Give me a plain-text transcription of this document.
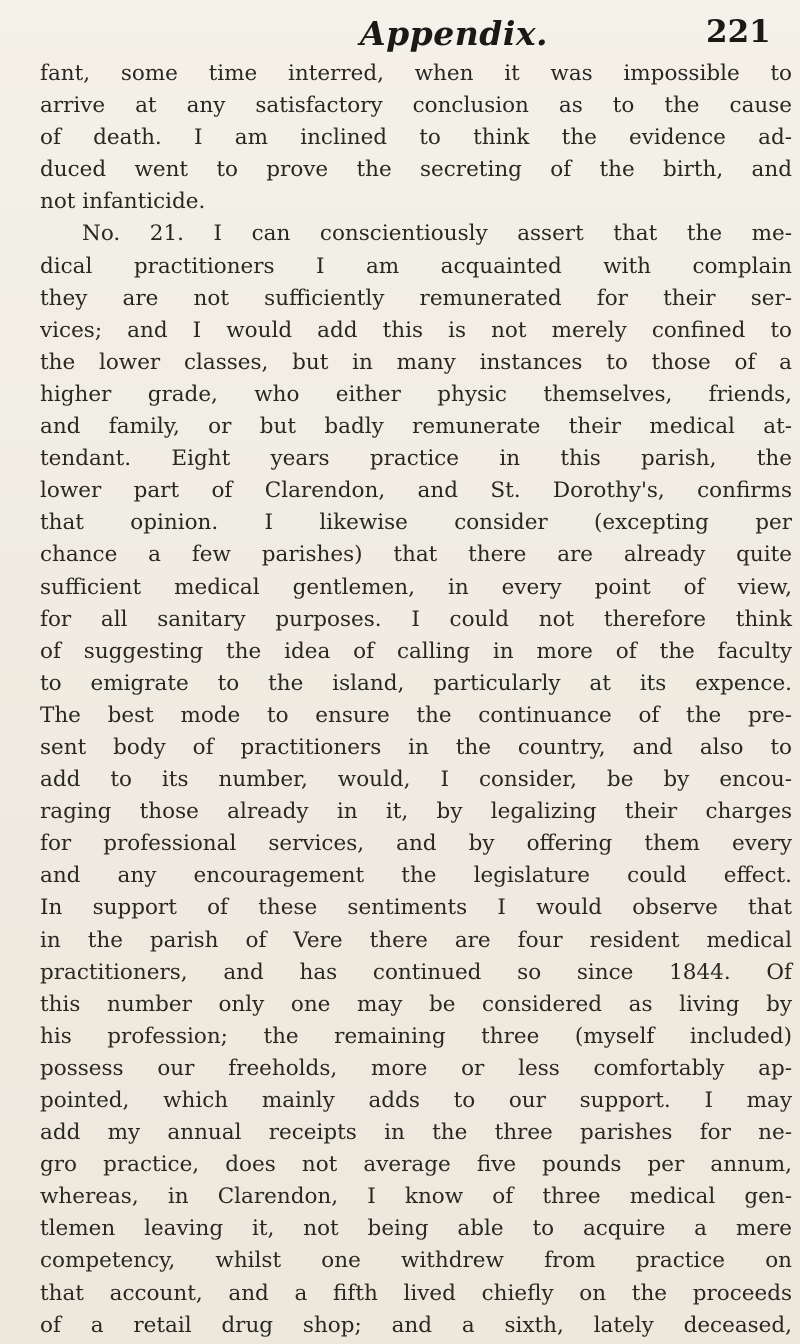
Appendix.	221
fant, some time interred, when it was impossible to
arrive at any satisfactory conclusion as to the cause
of death. I am inclined to think the evidence ad-
duced went to prove the secreting of the birth, and
not infanticide.
No. 21. I can conscientiously assert that the me-
dical practitioners I am acquainted with complain
they are not sufficiently remunerated for their ser-
vices; and I would add this is not merely confined to
the lower classes, but in many instances to those of a
higher grade, who either physic themselves, friends,
and family, or but badly remunerate their medical at-
tendant. Eight years practice in this parish, the
lower part of Clarendon, and St. Dorothy's, confirms
that opinion. I likewise consider (excepting per
chance a few parishes) that there are already quite
sufficient medical gentlemen, in every point of view,
for all sanitary purposes. I could not therefore think
of suggesting the idea of calling in more of the faculty
to emigrate to the island, particularly at its expence.
The best mode to ensure the continuance of the pre-
sent body of practitioners in the country, and also to
add to its number, would, I consider, be by encou-
raging those already in it, by legalizing their charges
for professional services, and by offering them every
and any encouragement the legislature could effect.
In support of these sentiments I would observe that
in the parish of Vere there are four resident medical
practitioners, and has continued so since 1844. Of
this number only one may be considered as living by
his profession; the remaining three (myself included)
possess our freeholds, more or less comfortably ap-
pointed, which mainly adds to our support. I may
add my annual receipts in the three parishes for ne-
gro practice, does not average five pounds per annum,
whereas, in Clarendon, I know of three medical gen-
tlemen leaving it, not being able to acquire a mere
competency, whilst one withdrew from practice on
that account, and a fifth lived chiefly on the proceeds
of a retail drug shop; and a sixth, lately deceased,
